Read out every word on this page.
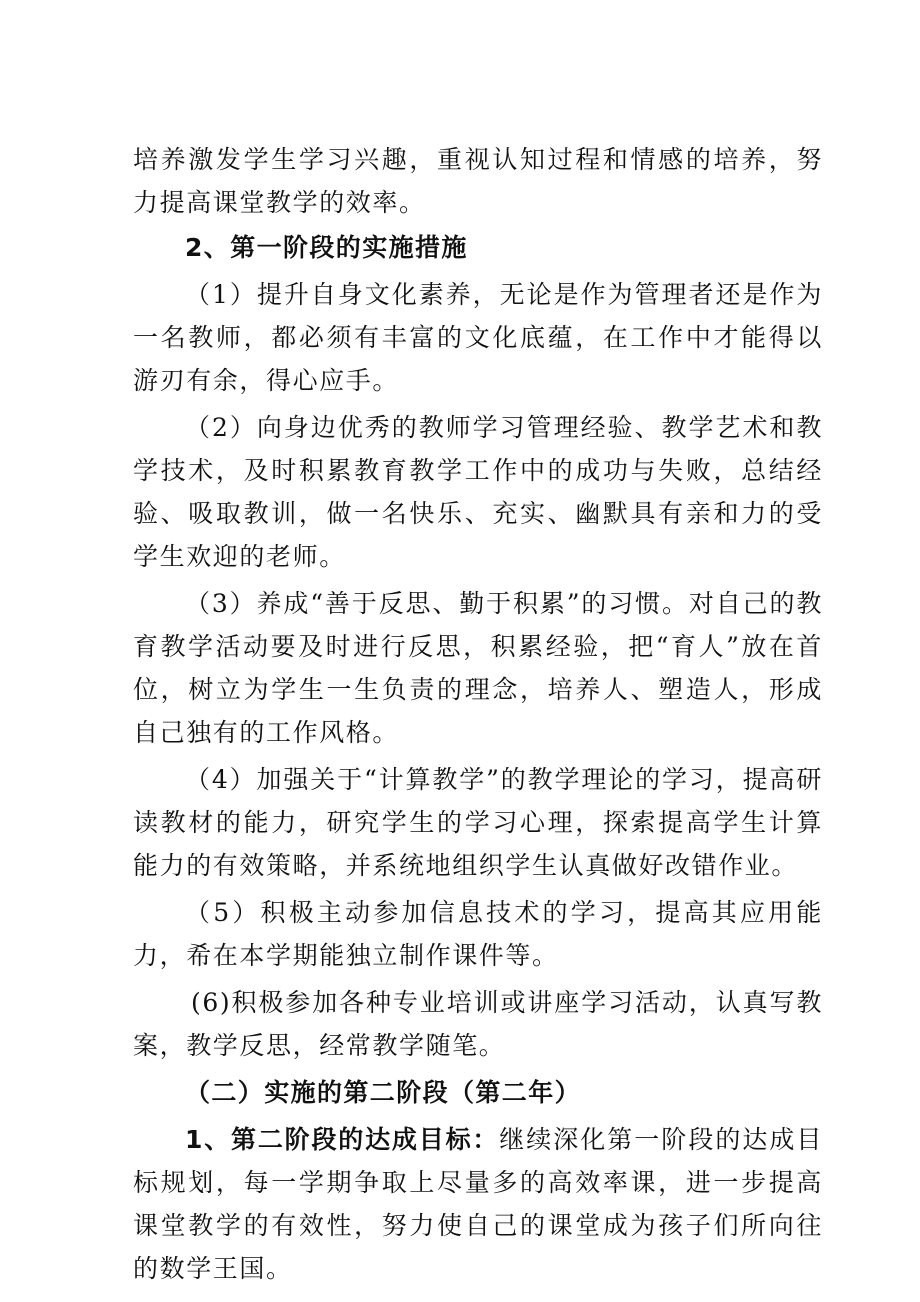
培养激发学生学习兴趣，重视认知过程和情感的培养，努力提高课堂教学的效率。

2、第一阶段的实施措施

（1）提升自身文化素养，无论是作为管理者还是作为一名教师，都必须有丰富的文化底蕴，在工作中才能得以游刃有余，得心应手。

（2）向身边优秀的教师学习管理经验、教学艺术和教学技术，及时积累教育教学工作中的成功与失败，总结经验、吸取教训，做一名快乐、充实、幽默具有亲和力的受学生欢迎的老师。

（3）养成“善于反思、勤于积累”的习惯。对自己的教育教学活动要及时进行反思，积累经验，把“育人”放在首位，树立为学生一生负责的理念，培养人、塑造人，形成自己独有的工作风格。

（4）加强关于“计算教学”的教学理论的学习，提高研读教材的能力，研究学生的学习心理，探索提高学生计算能力的有效策略，并系统地组织学生认真做好改错作业。

（5）积极主动参加信息技术的学习，提高其应用能力，希在本学期能独立制作课件等。

(6)积极参加各种专业培训或讲座学习活动，认真写教案，教学反思，经常教学随笔。

（二）实施的第二阶段（第二年）

1、第二阶段的达成目标：继续深化第一阶段的达成目标规划，每一学期争取上尽量多的高效率课，进一步提高课堂教学的有效性，努力使自己的课堂成为孩子们所向往的数学王国。
